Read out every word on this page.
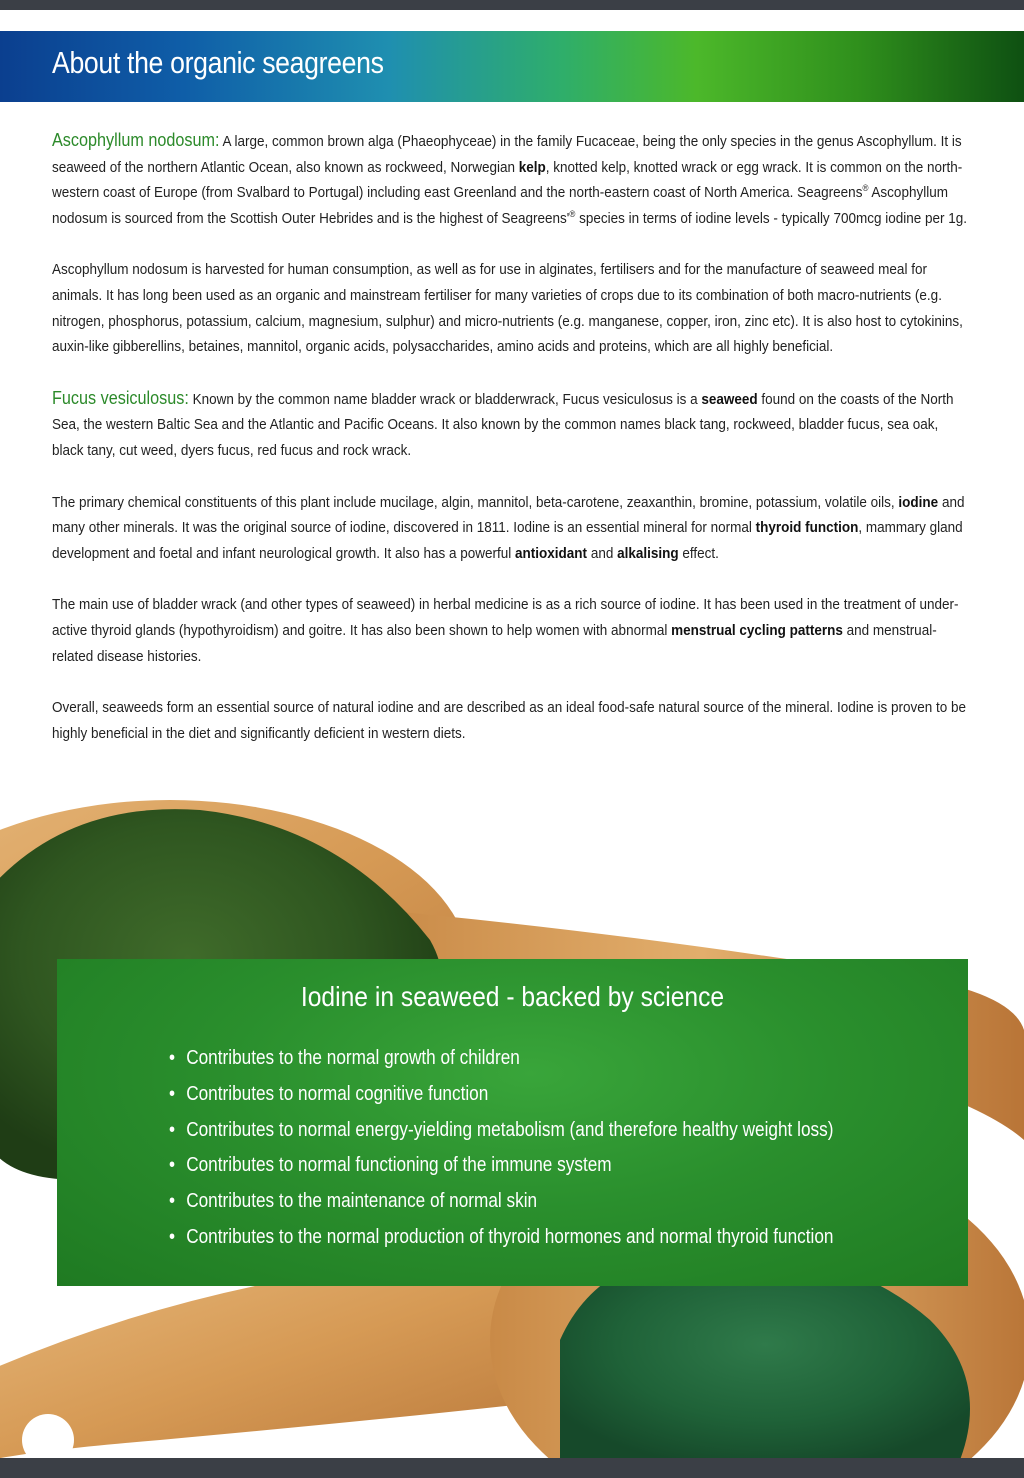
About the organic seagreens

Ascophyllum nodosum: A large, common brown alga (Phaeophyceae) in the family Fucaceae, being the only species in the genus Ascophyllum. It is seaweed of the northern Atlantic Ocean, also known as rockweed, Norwegian kelp, knotted kelp, knotted wrack or egg wrack. It is common on the north-western coast of Europe (from Svalbard to Portugal) including east Greenland and the north-eastern coast of North America. Seagreens® Ascophyllum nodosum is sourced from the Scottish Outer Hebrides and is the highest of Seagreens'® species in terms of iodine levels - typically 700mcg iodine per 1g.

Ascophyllum nodosum is harvested for human consumption, as well as for use in alginates, fertilisers and for the manufacture of seaweed meal for animals. It has long been used as an organic and mainstream fertiliser for many varieties of crops due to its combination of both macro-nutrients (e.g. nitrogen, phosphorus, potassium, calcium, magnesium, sulphur) and micro-nutrients (e.g. manganese, copper, iron, zinc etc). It is also host to cytokinins, auxin-like gibberellins, betaines, mannitol, organic acids, polysaccharides, amino acids and proteins, which are all highly beneficial.

Fucus vesiculosus: Known by the common name bladder wrack or bladderwrack, Fucus vesiculosus is a seaweed found on the coasts of the North Sea, the western Baltic Sea and the Atlantic and Pacific Oceans. It also known by the common names black tang, rockweed, bladder fucus, sea oak, black tany, cut weed, dyers fucus, red fucus and rock wrack.

The primary chemical constituents of this plant include mucilage, algin, mannitol, beta-carotene, zeaxanthin, bromine, potassium, volatile oils, iodine and many other minerals. It was the original source of iodine, discovered in 1811. Iodine is an essential mineral for normal thyroid function, mammary gland development and foetal and infant neurological growth. It also has a powerful antioxidant and alkalising effect.

The main use of bladder wrack (and other types of seaweed) in herbal medicine is as a rich source of iodine. It has been used in the treatment of under-active thyroid glands (hypothyroidism) and goitre. It has also been shown to help women with abnormal menstrual cycling patterns and menstrual-related disease histories.

Overall, seaweeds form an essential source of natural iodine and are described as an ideal food-safe natural source of the mineral. Iodine is proven to be highly beneficial in the diet and significantly deficient in western diets.

Iodine in seaweed - backed by science
• Contributes to the normal growth of children
• Contributes to normal cognitive function
• Contributes to normal energy-yielding metabolism (and therefore healthy weight loss)
• Contributes to normal functioning of the immune system
• Contributes to the maintenance of normal skin
• Contributes to the normal production of thyroid hormones and normal thyroid function
